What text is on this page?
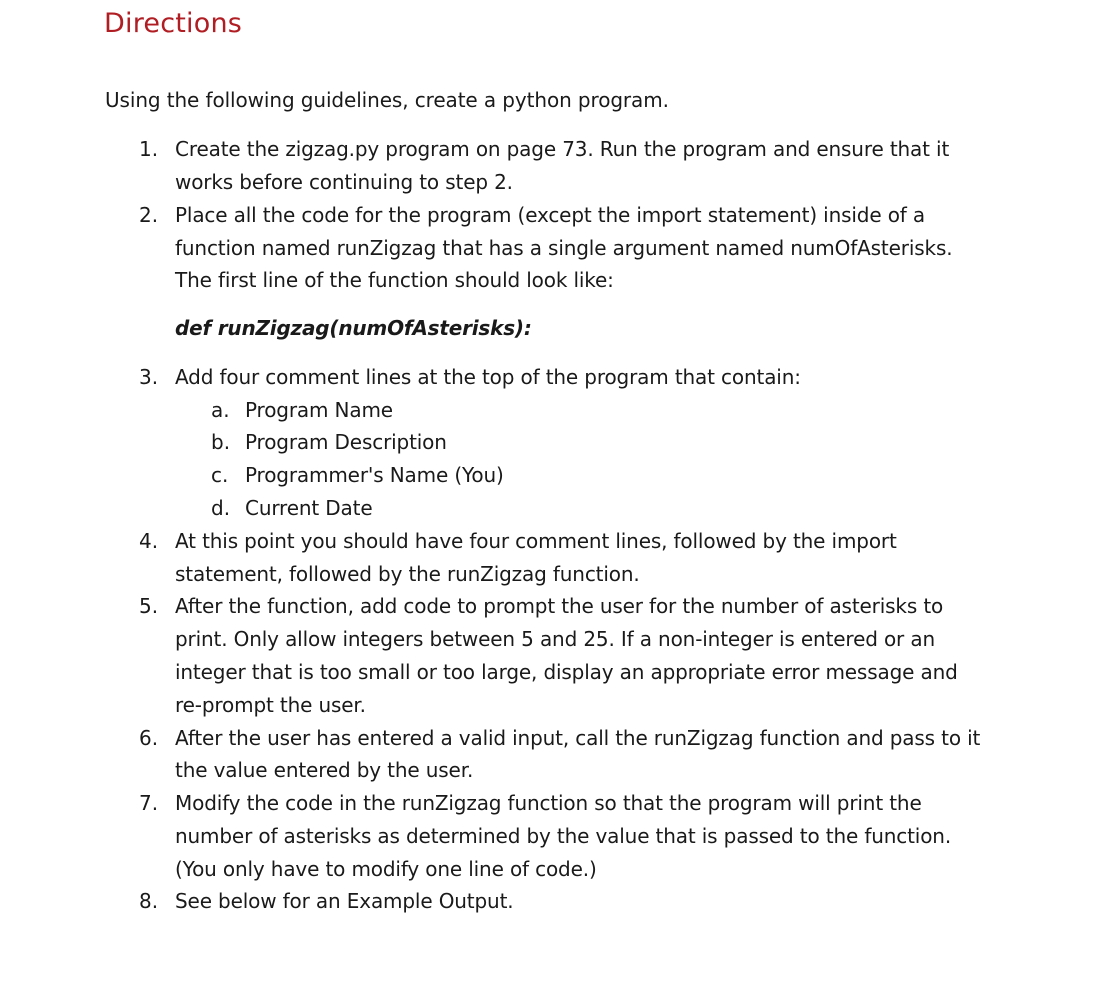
Directions

Using the following guidelines, create a python program.

1. Create the zigzag.py program on page 73. Run the program and ensure that it
works before continuing to step 2.
2. Place all the code for the program (except the import statement) inside of a
function named runZigzag that has a single argument named numOfAsterisks.
The first line of the function should look like:
def runZigzag(numOfAsterisks):
3. Add four comment lines at the top of the program that contain:
a. Program Name
b. Program Description
c. Programmer's Name (You)
d. Current Date
4. At this point you should have four comment lines, followed by the import
statement, followed by the runZigzag function.
5. After the function, add code to prompt the user for the number of asterisks to
print. Only allow integers between 5 and 25. If a non-integer is entered or an
integer that is too small or too large, display an appropriate error message and
re-prompt the user.
6. After the user has entered a valid input, call the runZigzag function and pass to it
the value entered by the user.
7. Modify the code in the runZigzag function so that the program will print the
number of asterisks as determined by the value that is passed to the function.
(You only have to modify one line of code.)
8. See below for an Example Output.
